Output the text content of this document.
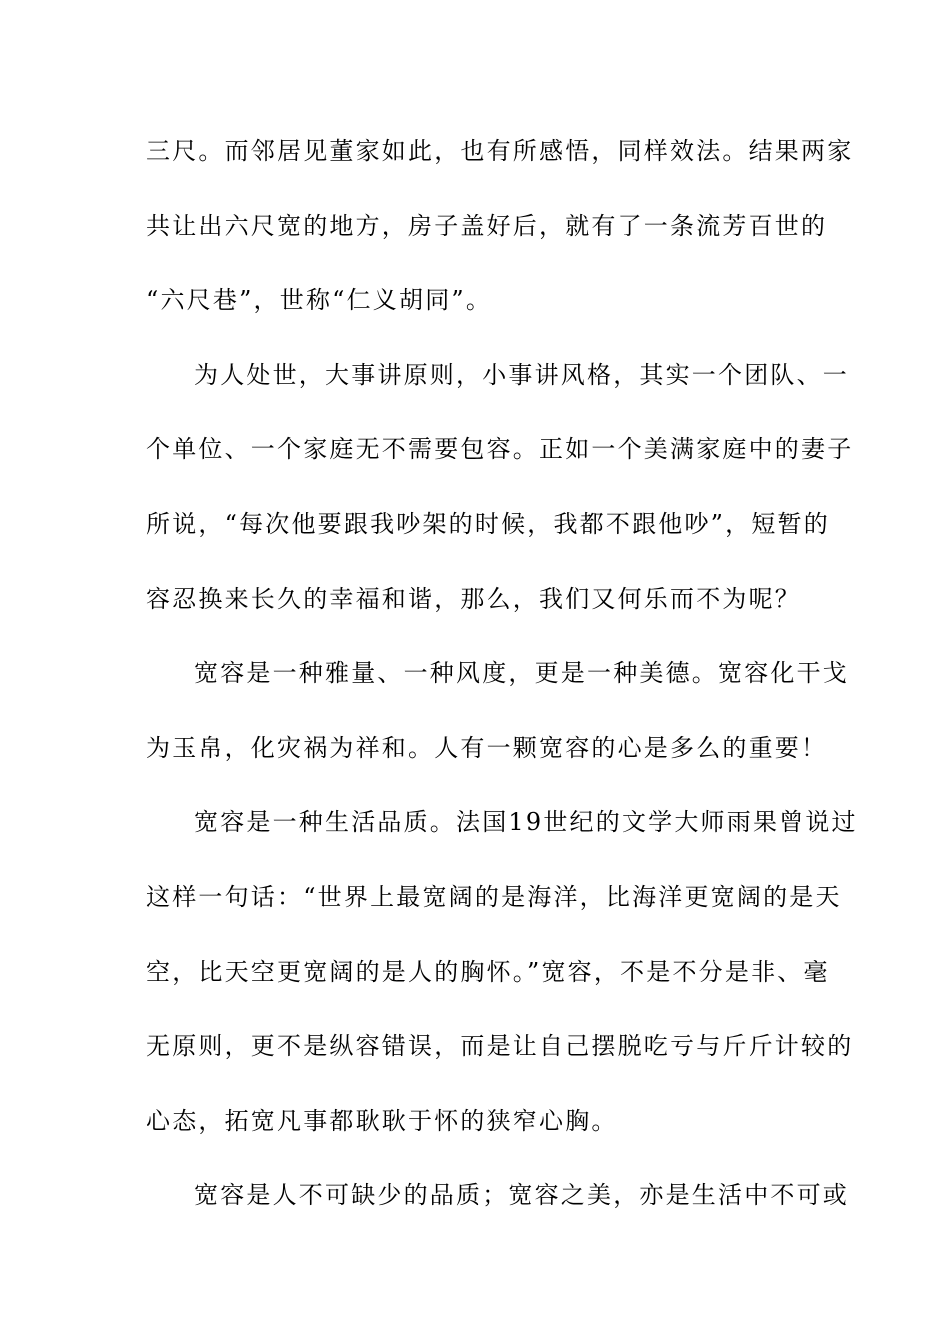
三尺。而邻居见董家如此，也有所感悟，同样效法。结果两家
共让出六尺宽的地方，房子盖好后，就有了一条流芳百世的
“六尺巷”，世称“仁义胡同”。
为人处世，大事讲原则，小事讲风格，其实一个团队、一
个单位、一个家庭无不需要包容。正如一个美满家庭中的妻子
所说，“每次他要跟我吵架的时候，我都不跟他吵”，短暂的
容忍换来长久的幸福和谐，那么，我们又何乐而不为呢？
宽容是一种雅量、一种风度，更是一种美德。宽容化干戈
为玉帛，化灾祸为祥和。人有一颗宽容的心是多么的重要！
宽容是一种生活品质。法国19世纪的文学大师雨果曾说过
这样一句话：“世界上最宽阔的是海洋，比海洋更宽阔的是天
空，比天空更宽阔的是人的胸怀。”宽容，不是不分是非、毫
无原则，更不是纵容错误，而是让自己摆脱吃亏与斤斤计较的
心态，拓宽凡事都耿耿于怀的狭窄心胸。
宽容是人不可缺少的品质；宽容之美，亦是生活中不可或
